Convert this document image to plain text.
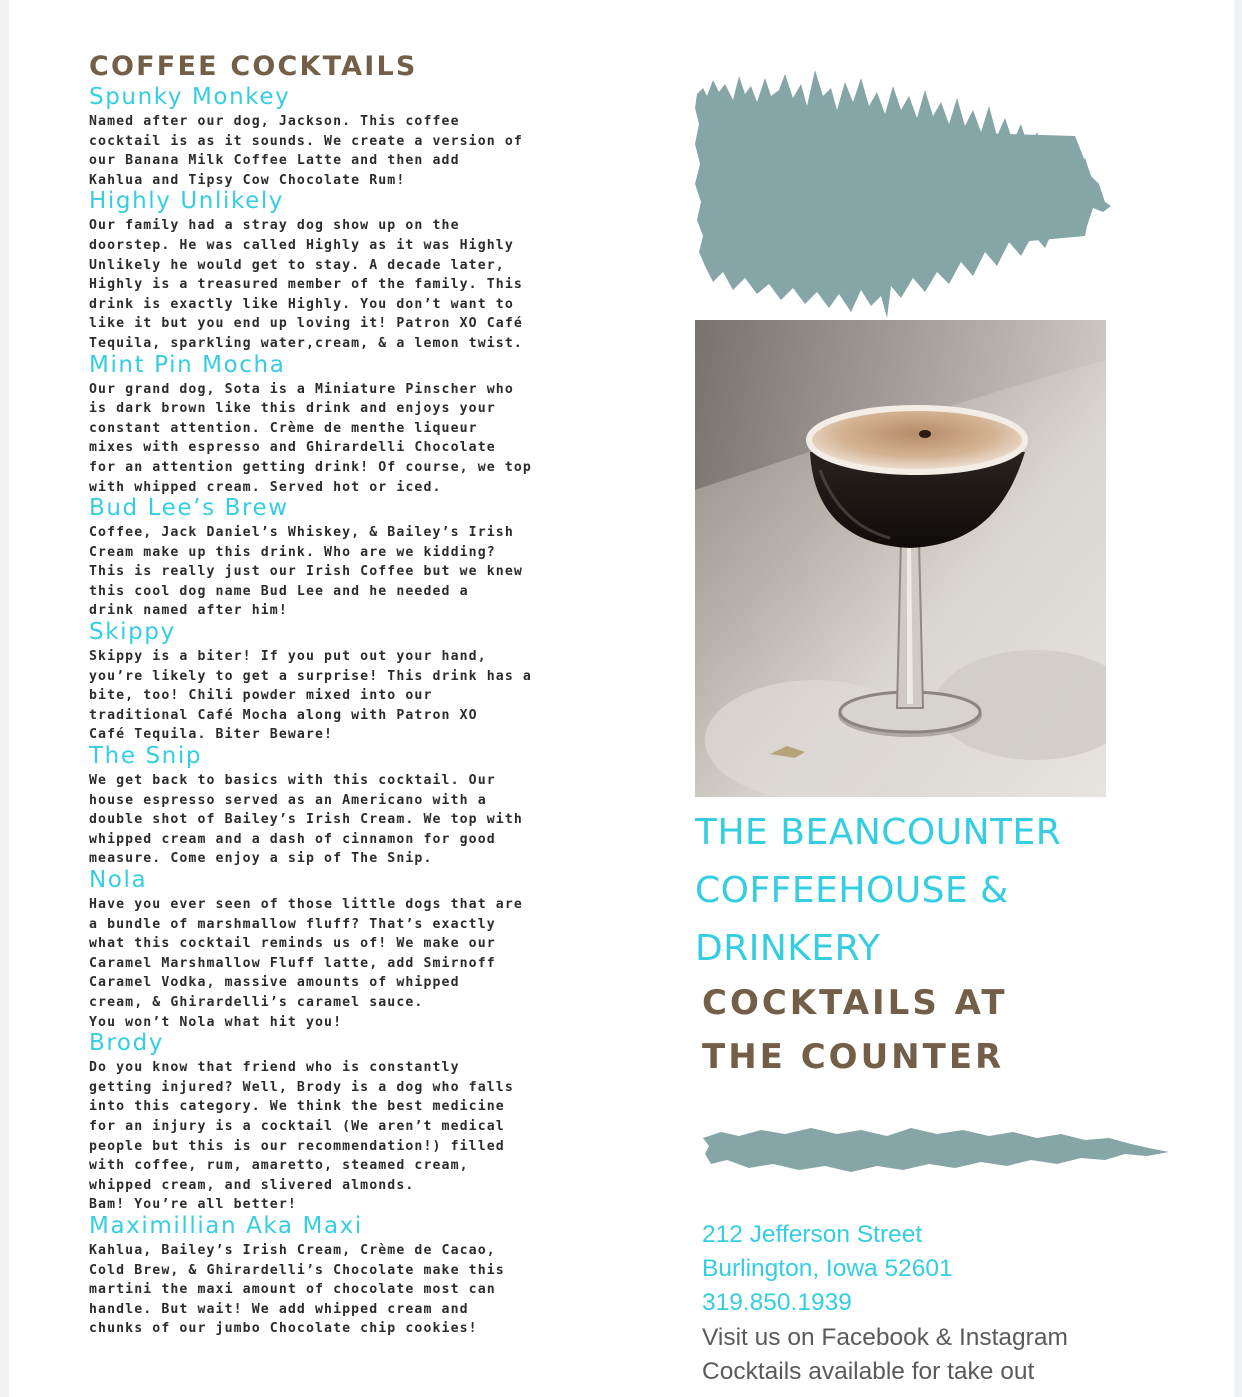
COFFEE COCKTAILS
Spunky Monkey
Named after our dog, Jackson. This coffee
cocktail is as it sounds. We create a version of
our Banana Milk Coffee Latte and then add
Kahlua and Tipsy Cow Chocolate Rum!
Highly Unlikely
Our family had a stray dog show up on the
doorstep. He was called Highly as it was Highly
Unlikely he would get to stay. A decade later,
Highly is a treasured member of the family. This
drink is exactly like Highly. You don’t want to
like it but you end up loving it! Patron XO Café
Tequila, sparkling water,cream, & a lemon twist.
Mint Pin Mocha
Our grand dog, Sota is a Miniature Pinscher who
is dark brown like this drink and enjoys your
constant attention. Crème de menthe liqueur
mixes with espresso and Ghirardelli Chocolate
for an attention getting drink! Of course, we top
with whipped cream. Served hot or iced.
Bud Lee’s Brew
Coffee, Jack Daniel’s Whiskey, & Bailey’s Irish
Cream make up this drink. Who are we kidding?
This is really just our Irish Coffee but we knew
this cool dog name Bud Lee and he needed a
drink named after him!
Skippy
Skippy is a biter! If you put out your hand,
you’re likely to get a surprise! This drink has a
bite, too! Chili powder mixed into our
traditional Café Mocha along with Patron XO
Café Tequila. Biter Beware!
The Snip
We get back to basics with this cocktail. Our
house espresso served as an Americano with a
double shot of Bailey’s Irish Cream. We top with
whipped cream and a dash of cinnamon for good
measure. Come enjoy a sip of The Snip.
Nola
Have you ever seen of those little dogs that are
a bundle of marshmallow fluff? That’s exactly
what this cocktail reminds us of! We make our
Caramel Marshmallow Fluff latte, add Smirnoff
Caramel Vodka, massive amounts of whipped
cream, & Ghirardelli’s caramel sauce.
You won’t Nola what hit you!
Brody
Do you know that friend who is constantly
getting injured? Well, Brody is a dog who falls
into this category. We think the best medicine
for an injury is a cocktail (We aren’t medical
people but this is our recommendation!) filled
with coffee, rum, amaretto, steamed cream,
whipped cream, and slivered almonds.
Bam! You’re all better!
Maximillian Aka Maxi
Kahlua, Bailey’s Irish Cream, Crème de Cacao,
Cold Brew, & Ghirardelli’s Chocolate make this
martini the maxi amount of chocolate most can
handle. But wait! We add whipped cream and
chunks of our jumbo Chocolate chip cookies!
THE BEANCOUNTER
COFFEEHOUSE &
DRINKERY
COCKTAILS AT
THE COUNTER
212 Jefferson Street
Burlington, Iowa 52601
319.850.1939
Visit us on Facebook & Instagram
Cocktails available for take out
